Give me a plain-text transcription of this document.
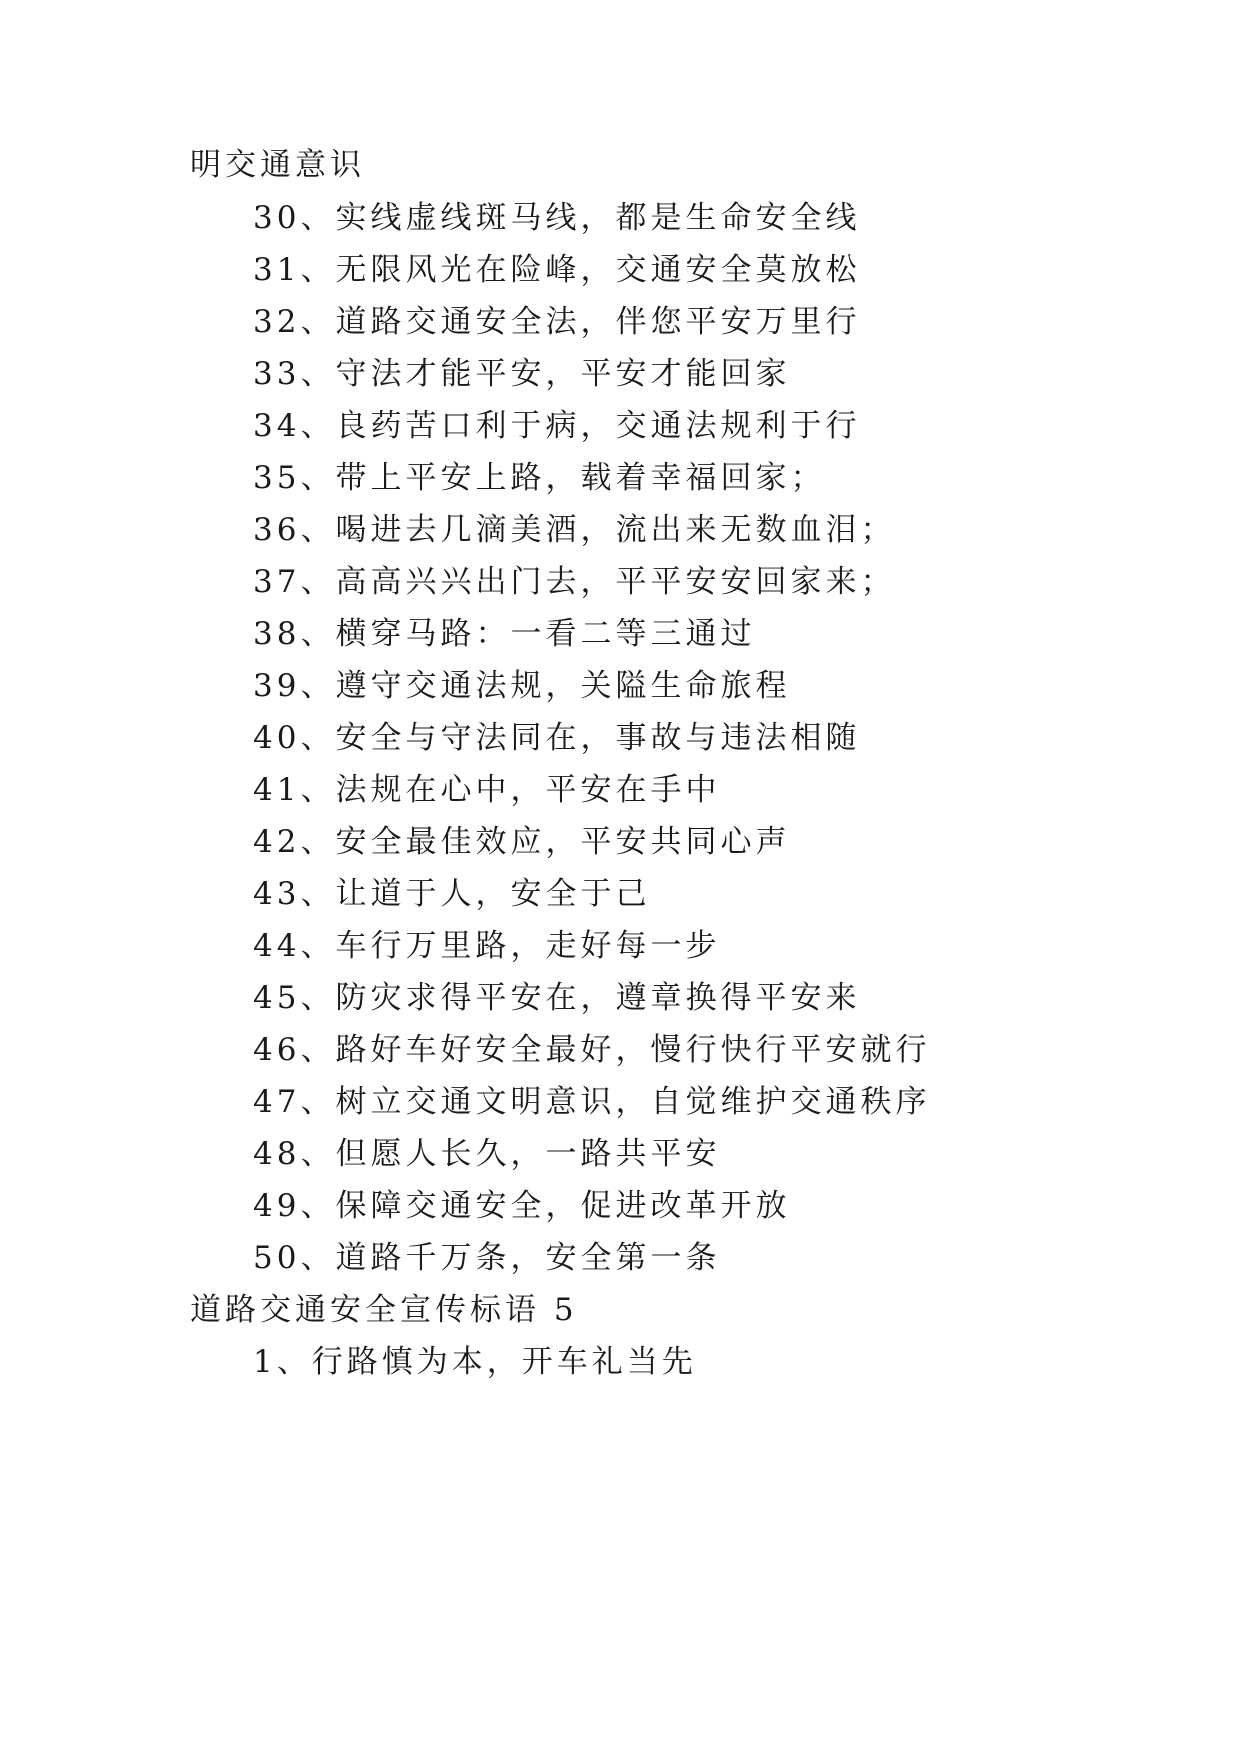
明交通意识
30、实线虚线斑马线，都是生命安全线
31、无限风光在险峰，交通安全莫放松
32、道路交通安全法，伴您平安万里行
33、守法才能平安，平安才能回家
34、良药苦口利于病，交通法规利于行
35、带上平安上路，载着幸福回家；
36、喝进去几滴美酒，流出来无数血泪；
37、高高兴兴出门去，平平安安回家来；
38、横穿马路：一看二等三通过
39、遵守交通法规，关隘生命旅程
40、安全与守法同在，事故与违法相随
41、法规在心中，平安在手中
42、安全最佳效应，平安共同心声
43、让道于人，安全于己
44、车行万里路，走好每一步
45、防灾求得平安在，遵章换得平安来
46、路好车好安全最好，慢行快行平安就行
47、树立交通文明意识，自觉维护交通秩序
48、但愿人长久，一路共平安
49、保障交通安全，促进改革开放
50、道路千万条，安全第一条
道路交通安全宣传标语 5
1、行路慎为本，开车礼当先
